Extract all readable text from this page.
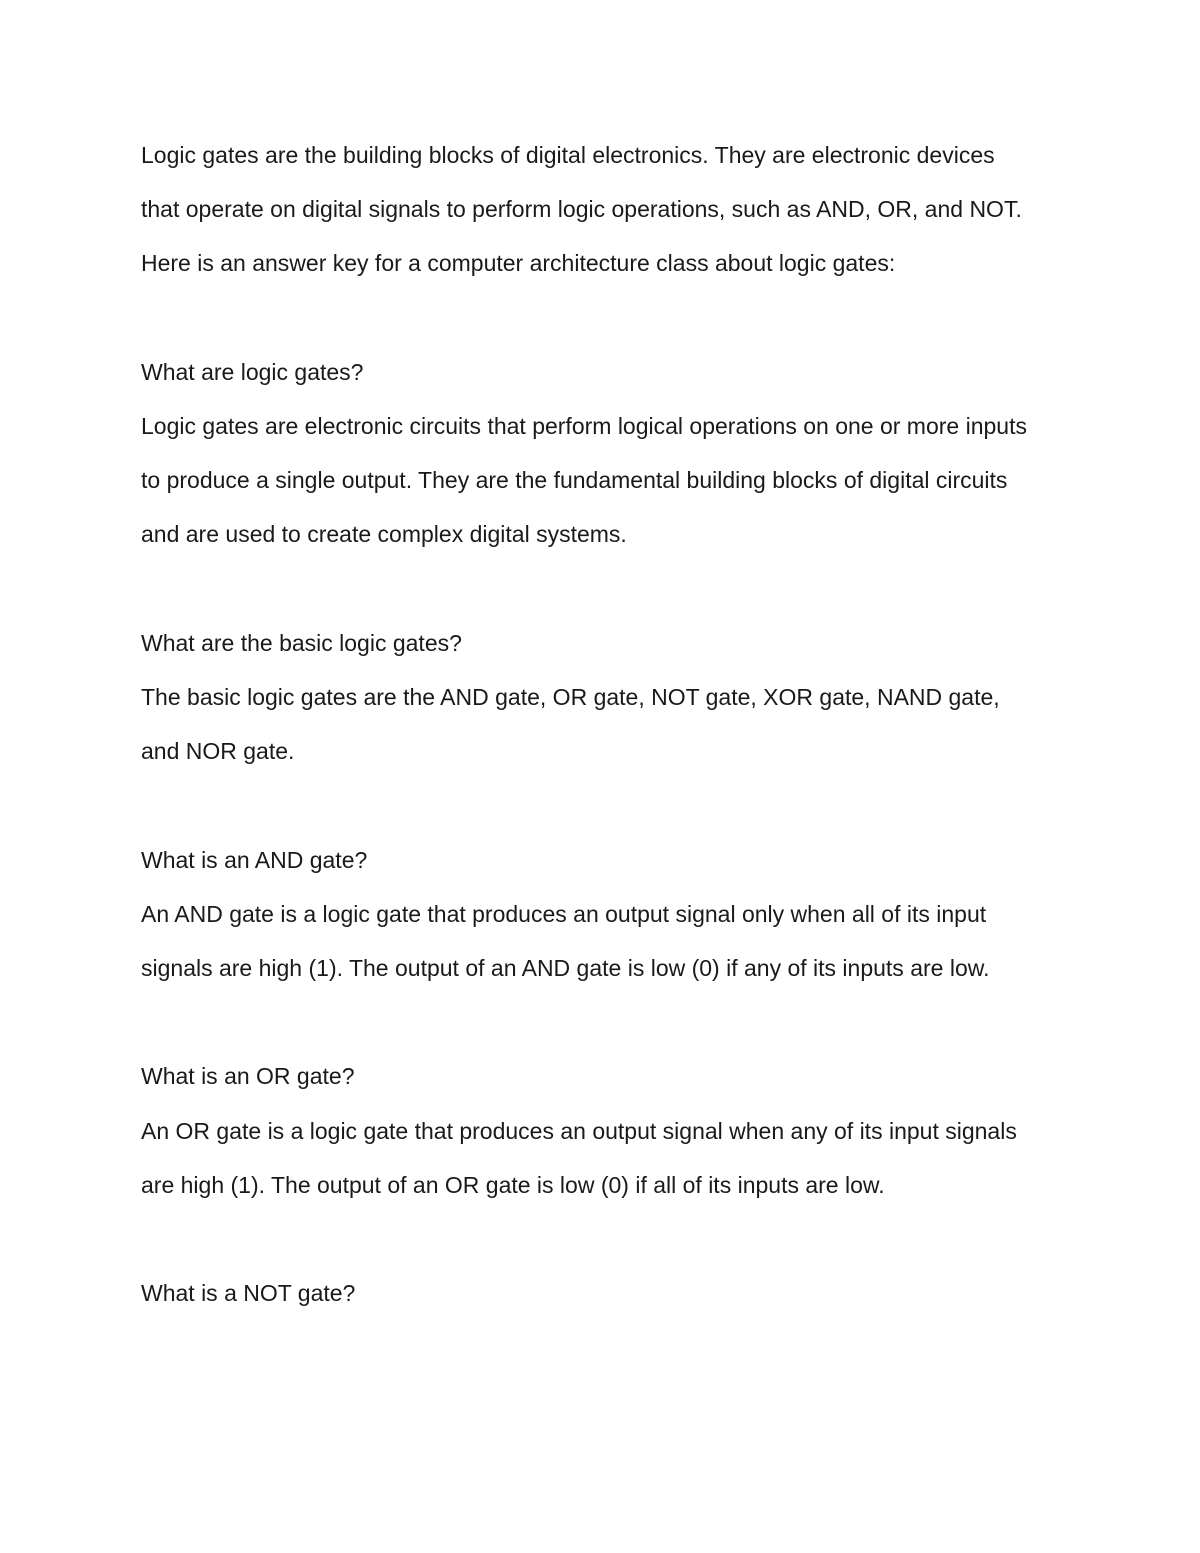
Logic gates are the building blocks of digital electronics. They are electronic devices
that operate on digital signals to perform logic operations, such as AND, OR, and NOT.
Here is an answer key for a computer architecture class about logic gates:
What are logic gates?
Logic gates are electronic circuits that perform logical operations on one or more inputs
to produce a single output. They are the fundamental building blocks of digital circuits
and are used to create complex digital systems.
What are the basic logic gates?
The basic logic gates are the AND gate, OR gate, NOT gate, XOR gate, NAND gate,
and NOR gate.
What is an AND gate?
An AND gate is a logic gate that produces an output signal only when all of its input
signals are high (1). The output of an AND gate is low (0) if any of its inputs are low.
What is an OR gate?
An OR gate is a logic gate that produces an output signal when any of its input signals
are high (1). The output of an OR gate is low (0) if all of its inputs are low.
What is a NOT gate?
